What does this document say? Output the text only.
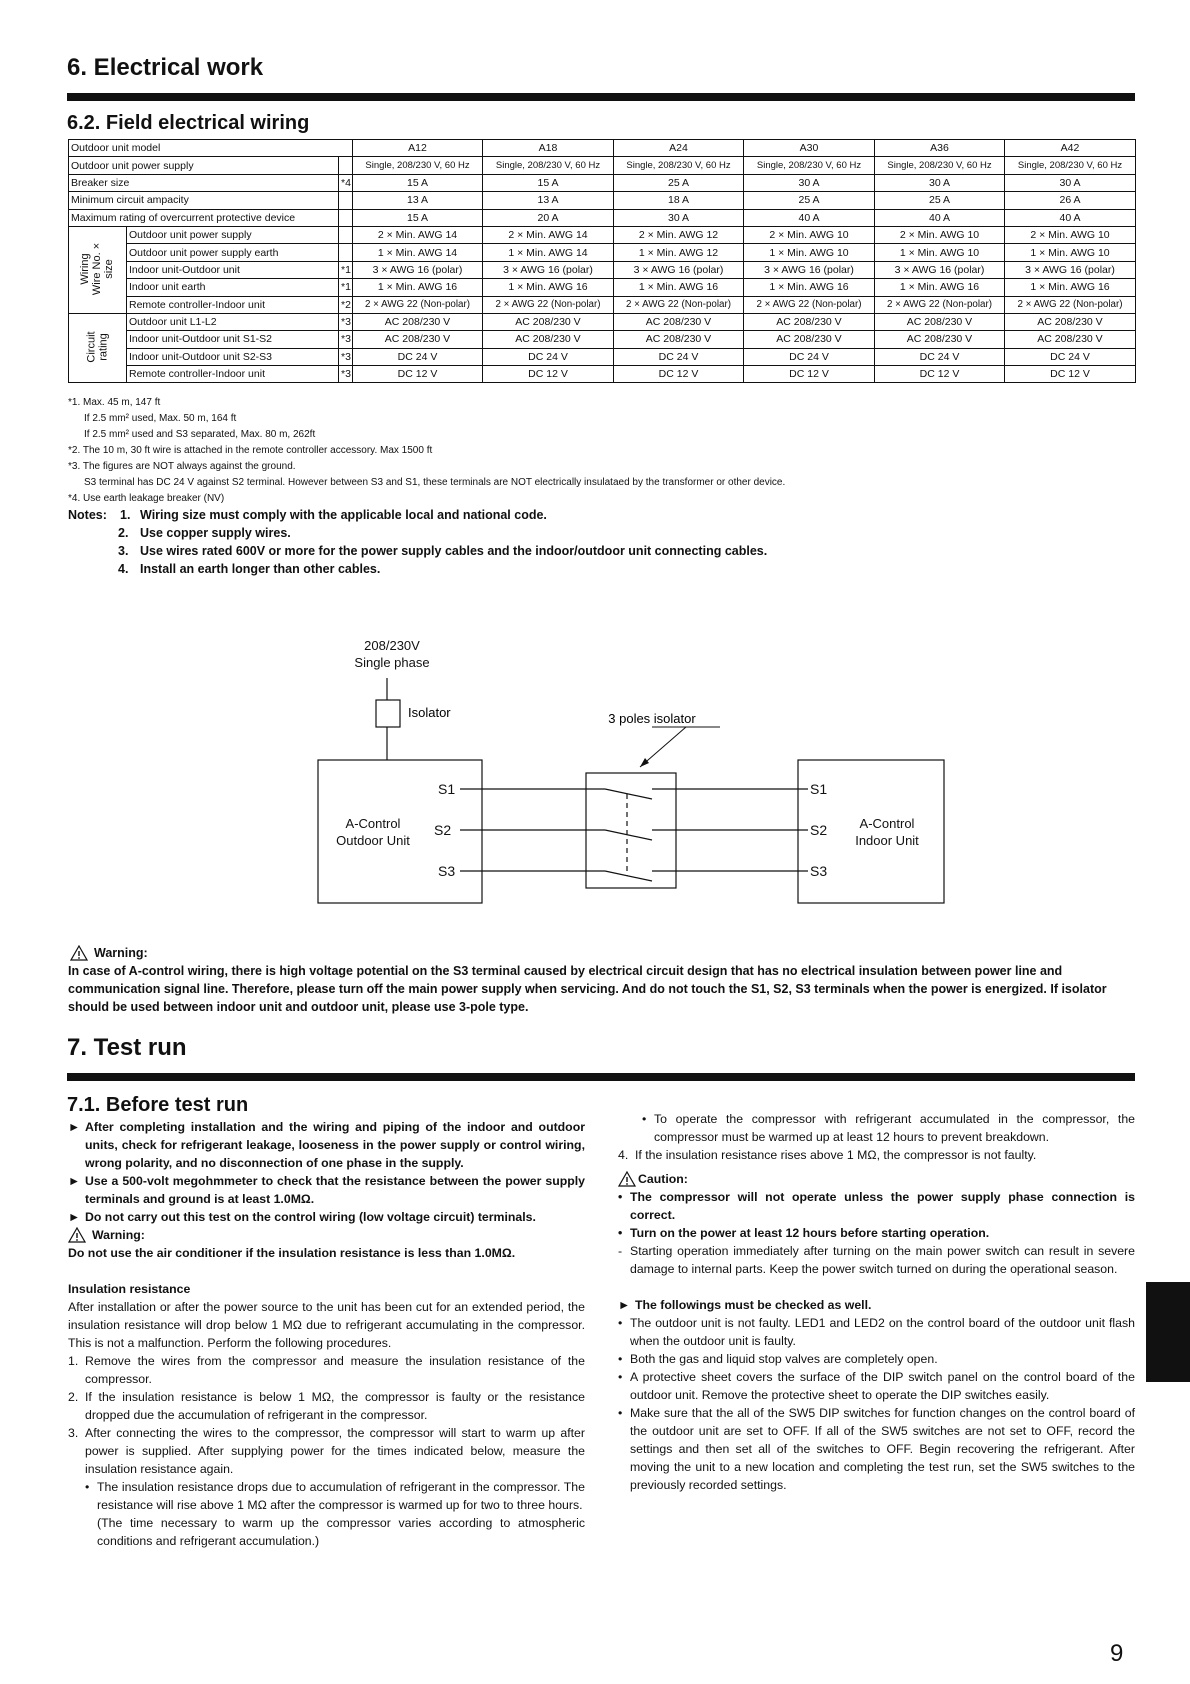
6. Electrical work
6.2. Field electrical wiring
Outdoor unit model			A12	A18	A24	A30	A36	A42
Outdoor unit power supply			Single, 208/230 V, 60 Hz	Single, 208/230 V, 60 Hz	Single, 208/230 V, 60 Hz	Single, 208/230 V, 60 Hz	Single, 208/230 V, 60 Hz	Single, 208/230 V, 60 Hz
Breaker size		*4	15 A	15 A	25 A	30 A	30 A	30 A
Minimum circuit ampacity			13 A	13 A	18 A	25 A	25 A	26 A
Maximum rating of overcurrent protective device			15 A	20 A	30 A	40 A	40 A	40 A

Wiring Wire No. × size	Outdoor unit power supply		2 × Min. AWG 14	2 × Min. AWG 14	2 × Min. AWG 12	2 × Min. AWG 10	2 × Min. AWG 10	2 × Min. AWG 10
	Outdoor unit power supply earth		1 × Min. AWG 14	1 × Min. AWG 14	1 × Min. AWG 12	1 × Min. AWG 10	1 × Min. AWG 10	1 × Min. AWG 10
	Indoor unit-Outdoor unit	*1	3 × AWG 16 (polar)	3 × AWG 16 (polar)	3 × AWG 16 (polar)	3 × AWG 16 (polar)	3 × AWG 16 (polar)	3 × AWG 16 (polar)
	Indoor unit earth	*1	1 × Min. AWG 16	1 × Min. AWG 16	1 × Min. AWG 16	1 × Min. AWG 16	1 × Min. AWG 16	1 × Min. AWG 16
	Remote controller-Indoor unit	*2	2 × AWG 22 (Non-polar)	2 × AWG 22 (Non-polar)	2 × AWG 22 (Non-polar)	2 × AWG 22 (Non-polar)	2 × AWG 22 (Non-polar)	2 × AWG 22 (Non-polar)

Circuit rating	Outdoor unit L1-L2	*3	AC 208/230 V	AC 208/230 V	AC 208/230 V	AC 208/230 V	AC 208/230 V	AC 208/230 V
	Indoor unit-Outdoor unit S1-S2	*3	AC 208/230 V	AC 208/230 V	AC 208/230 V	AC 208/230 V	AC 208/230 V	AC 208/230 V
	Indoor unit-Outdoor unit S2-S3	*3	DC 24 V	DC 24 V	DC 24 V	DC 24 V	DC 24 V	DC 24 V
	Remote controller-Indoor unit	*3	DC 12 V	DC 12 V	DC 12 V	DC 12 V	DC 12 V	DC 12 V
*1. Max. 45 m, 147 ft
If 2.5 mm² used, Max. 50 m, 164 ft
If 2.5 mm² used and S3 separated, Max. 80 m, 262ft
*2. The 10 m, 30 ft wire is attached in the remote controller accessory. Max 1500 ft
*3. The figures are NOT always against the ground.
S3 terminal has DC 24 V against S2 terminal. However between S3 and S1, these terminals are NOT electrically insulataed by the transformer or other device.
*4. Use earth leakage breaker (NV)
Notes:	1. Wiring size must comply with the applicable local and national code.
2. Use copper supply wires.
3. Use wires rated 600V or more for the power supply cables and the indoor/outdoor unit connecting cables.
4. Install an earth longer than other cables.
208/230V
Single phase
Isolator	3 poles isolator
A-Control
Outdoor Unit
S1
S2
S3
A-Control
Indoor Unit
S1
S2
S3
Warning:
In case of A-control wiring, there is high voltage potential on the S3 terminal caused by electrical circuit design that has no electrical insulation between power line and communication signal line. Therefore, please turn off the main power supply when servicing. And do not touch the S1, S2, S3 terminals when the power is energized. If isolator should be used between indoor unit and outdoor unit, please use 3-pole type.
7. Test run
7.1. Before test run
► After completing installation and the wiring and piping of the indoor and outdoor units, check for refrigerant leakage, looseness in the power supply or control wiring, wrong polarity, and no disconnection of one phase in the supply.
► Use a 500-volt megohmmeter to check that the resistance between the power supply terminals and ground is at least 1.0MΩ.
► Do not carry out this test on the control wiring (low voltage circuit) terminals.
Warning:
Do not use the air conditioner if the insulation resistance is less than 1.0MΩ.
Insulation resistance
After installation or after the power source to the unit has been cut for an extended period, the insulation resistance will drop below 1 MΩ due to refrigerant accumulating in the compressor. This is not a malfunction. Perform the following procedures.
1. Remove the wires from the compressor and measure the insulation resistance of the compressor.
2. If the insulation resistance is below 1 MΩ, the compressor is faulty or the resistance dropped due the accumulation of refrigerant in the compressor.
3. After connecting the wires to the compressor, the compressor will start to warm up after power is supplied. After supplying power for the times indicated below, measure the insulation resistance again.
• The insulation resistance drops due to accumulation of refrigerant in the compressor. The resistance will rise above 1 MΩ after the compressor is warmed up for two to three hours.
(The time necessary to warm up the compressor varies according to atmospheric conditions and refrigerant accumulation.)
• To operate the compressor with refrigerant accumulated in the compressor, the compressor must be warmed up at least 12 hours to prevent breakdown.
4. If the insulation resistance rises above 1 MΩ, the compressor is not faulty.
Caution:
• The compressor will not operate unless the power supply phase connection is correct.
• Turn on the power at least 12 hours before starting operation.
- Starting operation immediately after turning on the main power switch can result in severe damage to internal parts. Keep the power switch turned on during the operational season.
► The followings must be checked as well.
• The outdoor unit is not faulty. LED1 and LED2 on the control board of the outdoor unit flash when the outdoor unit is faulty.
• Both the gas and liquid stop valves are completely open.
• A protective sheet covers the surface of the DIP switch panel on the control board of the outdoor unit. Remove the protective sheet to operate the DIP switches easily.
• Make sure that the all of the SW5 DIP switches for function changes on the control board of the outdoor unit are set to OFF. If all of the SW5 switches are not set to OFF, record the settings and then set all of the switches to OFF. Begin recovering the refrigerant. After moving the unit to a new location and completing the test run, set the SW5 switches to the previously recorded settings.
9
